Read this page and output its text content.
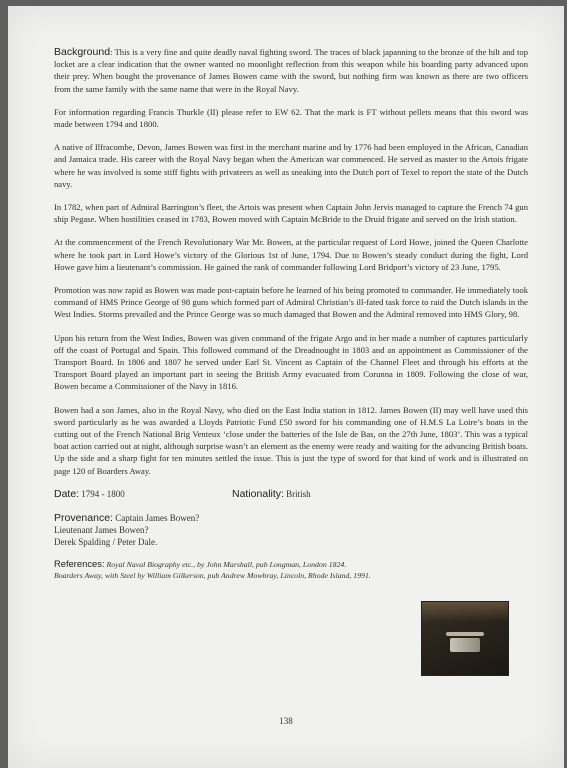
Background: This is a very fine and quite deadly naval fighting sword. The traces of black japanning to the bronze of the hilt and top locket are a clear indication that the owner wanted no moonlight reflection from this weapon while his boarding party advanced upon their prey. When bought the provenance of James Bowen came with the sword, but nothing firm was known as there are two officers from the same family with the same name that were in the Royal Navy.

For information regarding Francis Thurkle (II) please refer to EW 62. That the mark is FT without pellets means that this sword was made between 1794 and 1800.

A native of Ilfracombe, Devon, James Bowen was first in the merchant marine and by 1776 had been employed in the African, Canadian and Jamaica trade. His career with the Royal Navy began when the American war commenced. He served as master to the Artois frigate where he was involved is some stiff fights with privateers as well as sneaking into the Dutch port of Texel to report the state of the Dutch navy.

In 1782, when part of Admiral Barrington’s fleet, the Artois was present when Captain John Jervis managed to capture the French 74 gun ship Pegase. When hostilities ceased in 1783, Bowen moved with Captain McBride to the Druid frigate and served on the Irish station.

At the commencement of the French Revolutionary War Mr. Bowen, at the particular request of Lord Howe, joined the Queen Charlotte where he took part in Lord Howe’s victory of the Glorious 1st of June, 1794. Due to Bowen’s steady conduct during the fight, Lord Howe gave him a lieutenant’s commission. He gained the rank of commander following Lord Bridport’s victory of 23 June, 1795.

Promotion was now rapid as Bowen was made post-captain before he learned of his being promoted to commander. He immediately took command of HMS Prince George of 98 guns which formed part of Admiral Christian’s ill-fated task force to raid the Dutch islands in the West Indies. Storms prevailed and the Prince George was so much damaged that Bowen and the Admiral removed into HMS Glory, 98.

Upon his return from the West Indies, Bowen was given command of the frigate Argo and in her made a number of captures particularly off the coast of Portugal and Spain. This followed command of the Dreadnought in 1803 and an appointment as Commissioner of the Transport Board. In 1806 and 1807 he served under Earl St. Vincent as Captain of the Channel Fleet and through his efforts at the Transport Board played an important part in seeing the British Army evacuated from Corunna in 1809. Following the close of war, Bowen became a Commissioner of the Navy in 1816.

Bowen had a son James, also in the Royal Navy, who died on the East India station in 1812. James Bowen (II) may well have used this sword particularly as he was awarded a Lloyds Patriotic Fund £50 sword for his commanding one of H.M.S La Loire’s boats in the cutting out of the French National Brig Venteux ‘close under the batteries of the Isle de Bas, on the 27th June, 1803’. This was a typical boat action carried out at night, although surprise wasn’t an element as the enemy were ready and waiting for the advancing British boats. Up the side and a sharp fight for ten minutes settled the issue. This is just the type of sword for that kind of work and is illustrated on page 120 of Boarders Away.

Date: 1794 - 1800	Nationality: British
Provenance: Captain James Bowen?
Lieutenant James Bowen?
Derek Spalding / Peter Dale.
References: Royal Naval Biography etc., by John Marshall, pub Longman, London 1824.
Boarders Away, with Steel by William Gilkerson, pub Andrew Mowbray, Lincoln, Rhode Island, 1991.
138
